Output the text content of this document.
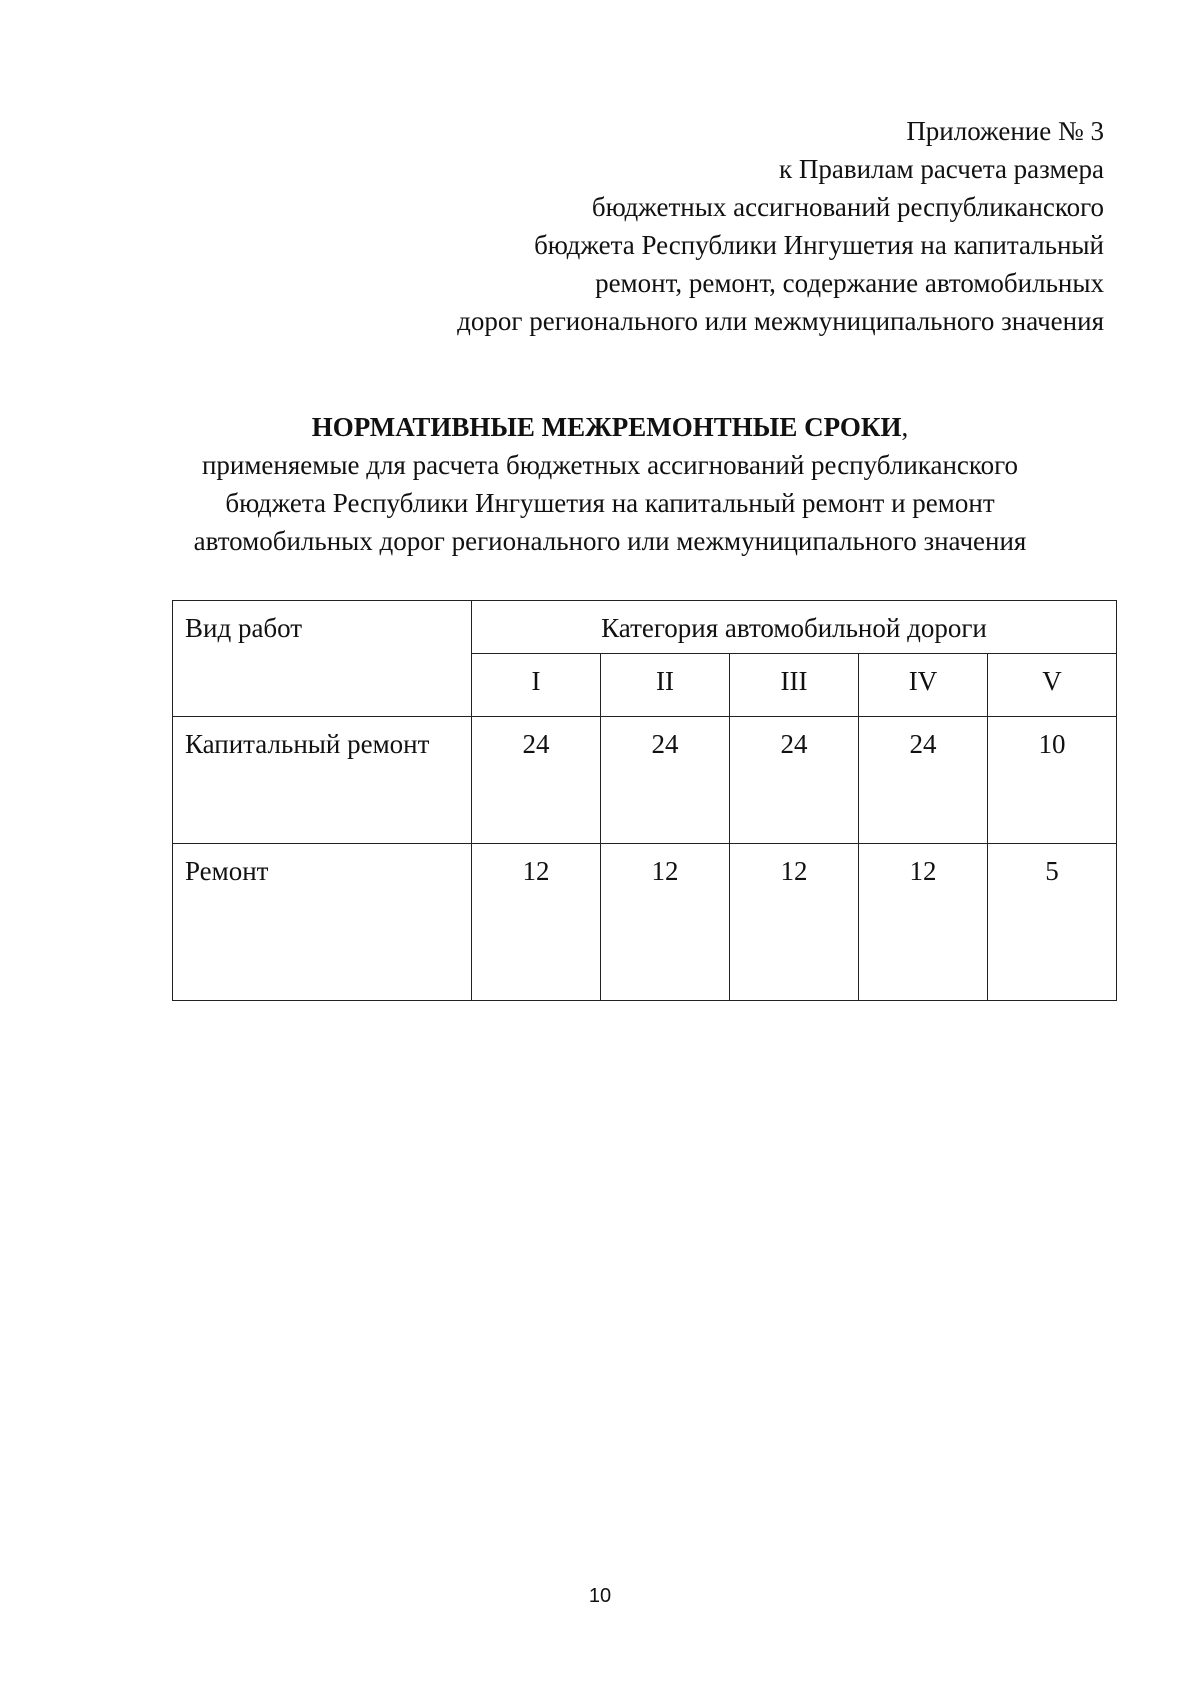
Приложение № 3
к Правилам расчета размера
бюджетных ассигнований республиканского
бюджета Республики Ингушетия на капитальный
ремонт, ремонт, содержание автомобильных
дорог регионального или межмуниципального значения
НОРМАТИВНЫЕ МЕЖРЕМОНТНЫЕ СРОКИ,
применяемые для расчета бюджетных ассигнований республиканского
бюджета Республики Ингушетия на капитальный ремонт и ремонт
автомобильных дорог регионального или межмуниципального значения
Вид работ	Категория автомобильной дороги				

	I	II	III	IV	V

Капитальный ремонт	24	24	24	24	10

Ремонт	12	12	12	12	5
10
